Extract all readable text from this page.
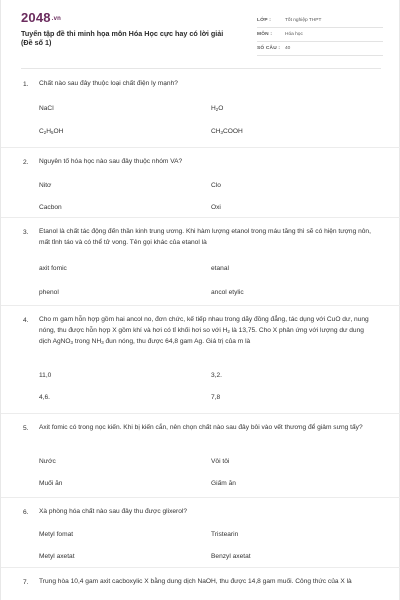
2048.vn
Tuyển tập đề thi minh họa môn Hóa Học cực hay có lời giải
(Đề số 1)
LỚP :	Tốt nghiệp THPT
MÔN :	Hóa học
SỐ CÂU : 40
1. Chất nào sau đây thuộc loại chất điện ly mạnh?
NaCl	$H_2O$
$C_2H_5OH$	$CH_3COOH$
2. Nguyên tố hóa học nào sau đây thuộc nhóm VA?
Nitơ	Clo
Cacbon	Oxi
3. Etanol là chất tác động đến thần kinh trung ương. Khi hàm lượng etanol trong máu tăng thì sẽ có hiện tượng nôn, mất tỉnh táo và có thể tử vong. Tên gọi khác của etanol là
axit fomic	etanal
phenol	ancol etylic
4. Cho m gam hỗn hợp gồm hai ancol no, đơn chức, kế tiếp nhau trong dãy đồng đẳng, tác dụng với CuO dư, nung nóng, thu được hỗn hợp X gồm khí và hơi có tỉ khối hơi so với $H_2$ là 13,75. Cho X phản ứng với lượng dư dung dịch AgNO$_3$ trong $NH_3$ đun nóng, thu được 64,8 gam Ag. Giá trị của m là
11,0	3,2.
4,6.	7,8
5. Axit fomic có trong nọc kiến. Khi bị kiến cắn, nên chọn chất nào sau đây bôi vào vết thương để giảm sưng tấy?
Nước	Vôi tôi
Muối ăn	Giấm ăn
6. Xà phòng hóa chất nào sau đây thu được glixerol?
Metyl fomat	Tristearin
Metyl axetat	Benzyl axetat
7. Trung hòa 10,4 gam axit cacboxylic X bằng dung dịch NaOH, thu được 14,8 gam muối. Công thức của X là
